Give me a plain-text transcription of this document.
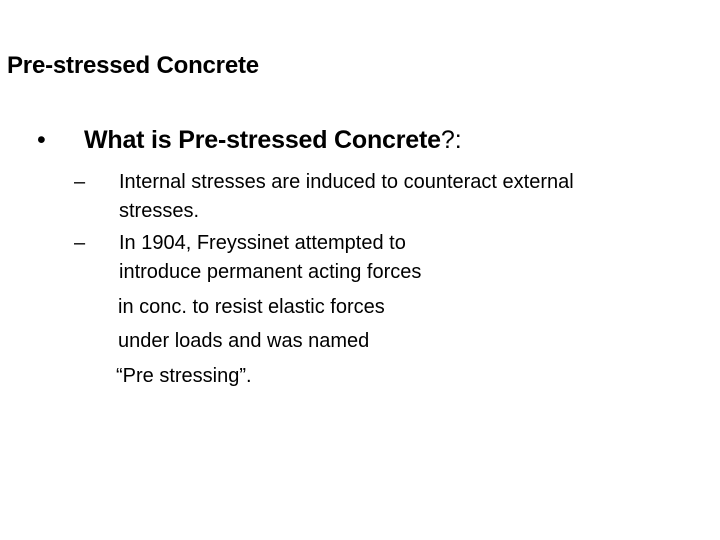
Pre-stressed Concrete
• What is Pre-stressed Concrete?:
– Internal stresses are induced to counteract external
stresses.
– In 1904, Freyssinet attempted to
introduce permanent acting forces
in conc. to resist elastic forces
under loads and was named
“Pre stressing”.
